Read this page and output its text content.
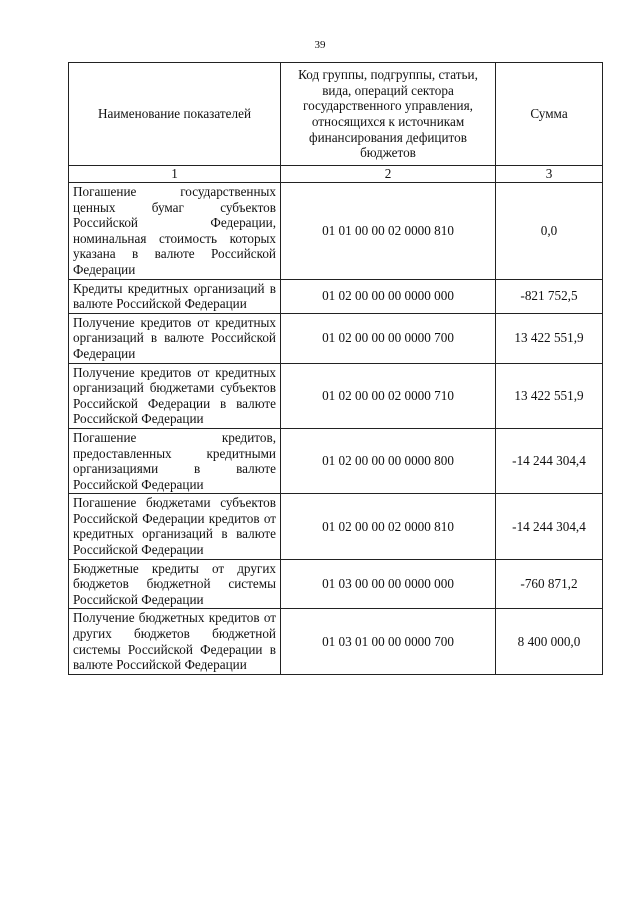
39
Наименование показателей	Код группы, подгруппы, статьи, вида, операций сектора государственного управления, относящихся к источникам финансирования дефицитов бюджетов	Сумма
1	2	3
Погашение государственных ценных бумаг субъектов Российской Федерации, номинальная стоимость которых указана в валюте Российской Федерации	01 01 00 00 02 0000 810	0,0
Кредиты кредитных организаций в валюте Российской Федерации	01 02 00 00 00 0000 000	-821 752,5
Получение кредитов от кредитных организаций в валюте Российской Федерации	01 02 00 00 00 0000 700	13 422 551,9
Получение кредитов от кредитных организаций бюджетами субъектов Российской Федерации в валюте Российской Федерации	01 02 00 00 02 0000 710	13 422 551,9
Погашение кредитов, предоставленных кредитными организациями в валюте Российской Федерации	01 02 00 00 00 0000 800	-14 244 304,4
Погашение бюджетами субъектов Российской Федерации кредитов от кредитных организаций в валюте Российской Федерации	01 02 00 00 02 0000 810	-14 244 304,4
Бюджетные кредиты от других бюджетов бюджетной системы Российской Федерации	01 03 00 00 00 0000 000	-760 871,2
Получение бюджетных кредитов от других бюджетов бюджетной системы Российской Федерации в валюте Российской Федерации	01 03 01 00 00 0000 700	8 400 000,0
